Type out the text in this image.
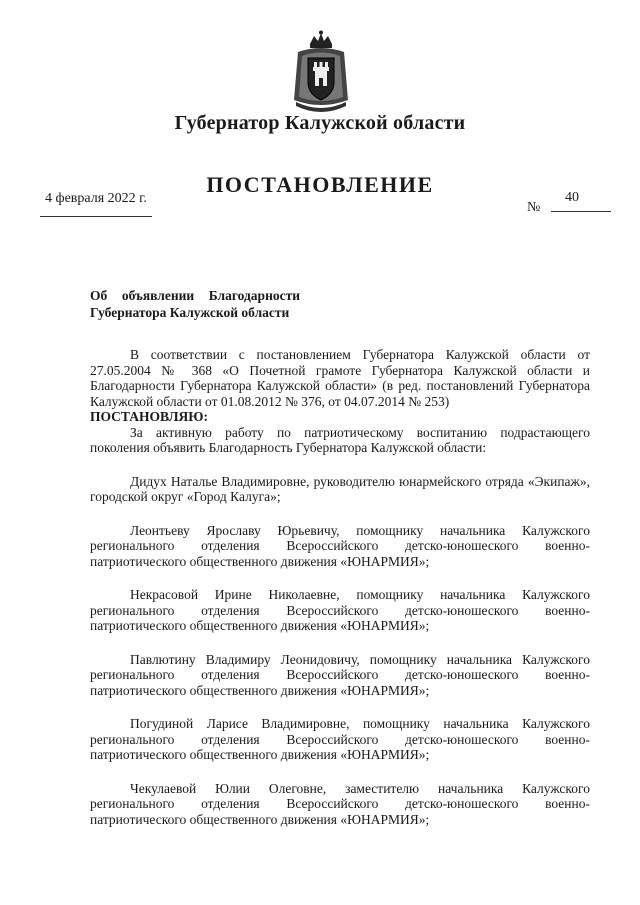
Губернатор Калужской области
ПОСТАНОВЛЕНИЕ
4 февраля 2022 г.
№
40
Об объявлении Благодарности
Губернатора Калужской области

В соответствии с постановлением Губернатора Калужской области от 27.05.2004 № 368 «О Почетной грамоте Губернатора Калужской области и Благодарности Губернатора Калужской области» (в ред. постановлений Губернатора Калужской области от 01.08.2012 № 376, от 04.07.2014 № 253)

ПОСТАНОВЛЯЮ:

За активную работу по патриотическому воспитанию подрастающего поколения объявить Благодарность Губернатора Калужской области:

Дидух Наталье Владимировне, руководителю юнармейского отряда «Экипаж», городской округ «Город Калуга»;

Леонтьеву Ярославу Юрьевичу, помощнику начальника Калужского регионального отделения Всероссийского детско-юношеского военно-патриотического общественного движения «ЮНАРМИЯ»;

Некрасовой Ирине Николаевне, помощнику начальника Калужского регионального отделения Всероссийского детско-юношеского военно-патриотического общественного движения «ЮНАРМИЯ»;

Павлютину Владимиру Леонидовичу, помощнику начальника Калужского регионального отделения Всероссийского детско-юношеского военно-патриотического общественного движения «ЮНАРМИЯ»;

Погудиной Ларисе Владимировне, помощнику начальника Калужского регионального отделения Всероссийского детско-юношеского военно-патриотического общественного движения «ЮНАРМИЯ»;

Чекулаевой Юлии Олеговне, заместителю начальника Калужского регионального отделения Всероссийского детско-юношеского военно-патриотического общественного движения «ЮНАРМИЯ»;
